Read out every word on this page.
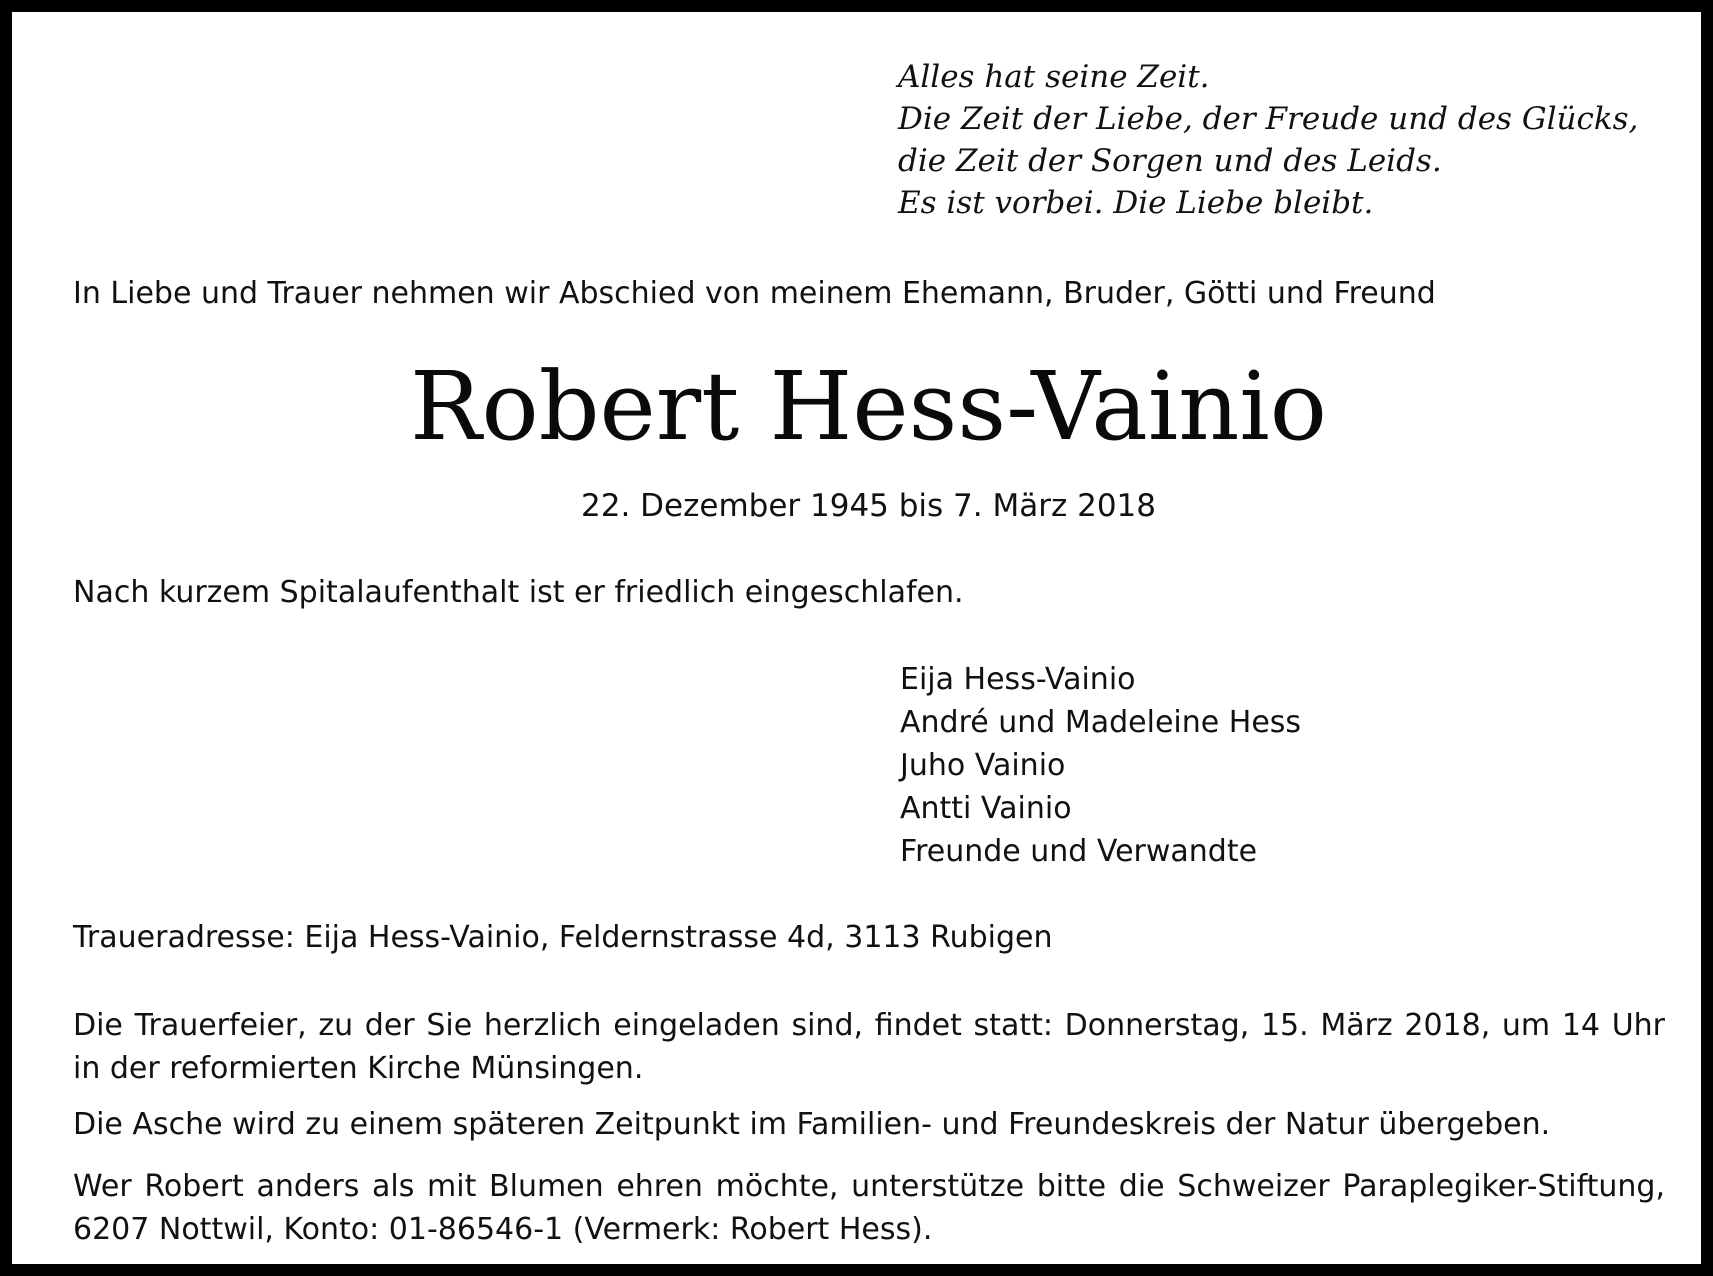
Alles hat seine Zeit.
Die Zeit der Liebe, der Freude und des Glücks,
die Zeit der Sorgen und des Leids.
Es ist vorbei. Die Liebe bleibt.
In Liebe und Trauer nehmen wir Abschied von meinem Ehemann, Bruder, Götti und Freund
Robert Hess-Vainio
22. Dezember 1945 bis 7. März 2018
Nach kurzem Spitalaufenthalt ist er friedlich eingeschlafen.
Eija Hess-Vainio
André und Madeleine Hess
Juho Vainio
Antti Vainio
Freunde und Verwandte
Traueradresse: Eija Hess-Vainio, Feldernstrasse 4d, 3113 Rubigen
Die Trauerfeier, zu der Sie herzlich eingeladen sind, findet statt: Donnerstag, 15. März 2018, um 14 Uhr in der reformierten Kirche Münsingen.
Die Asche wird zu einem späteren Zeitpunkt im Familien- und Freundeskreis der Natur übergeben.
Wer Robert anders als mit Blumen ehren möchte, unterstütze bitte die Schweizer Paraplegiker-Stiftung, 6207 Nottwil, Konto: 01-86546-1 (Vermerk: Robert Hess).
